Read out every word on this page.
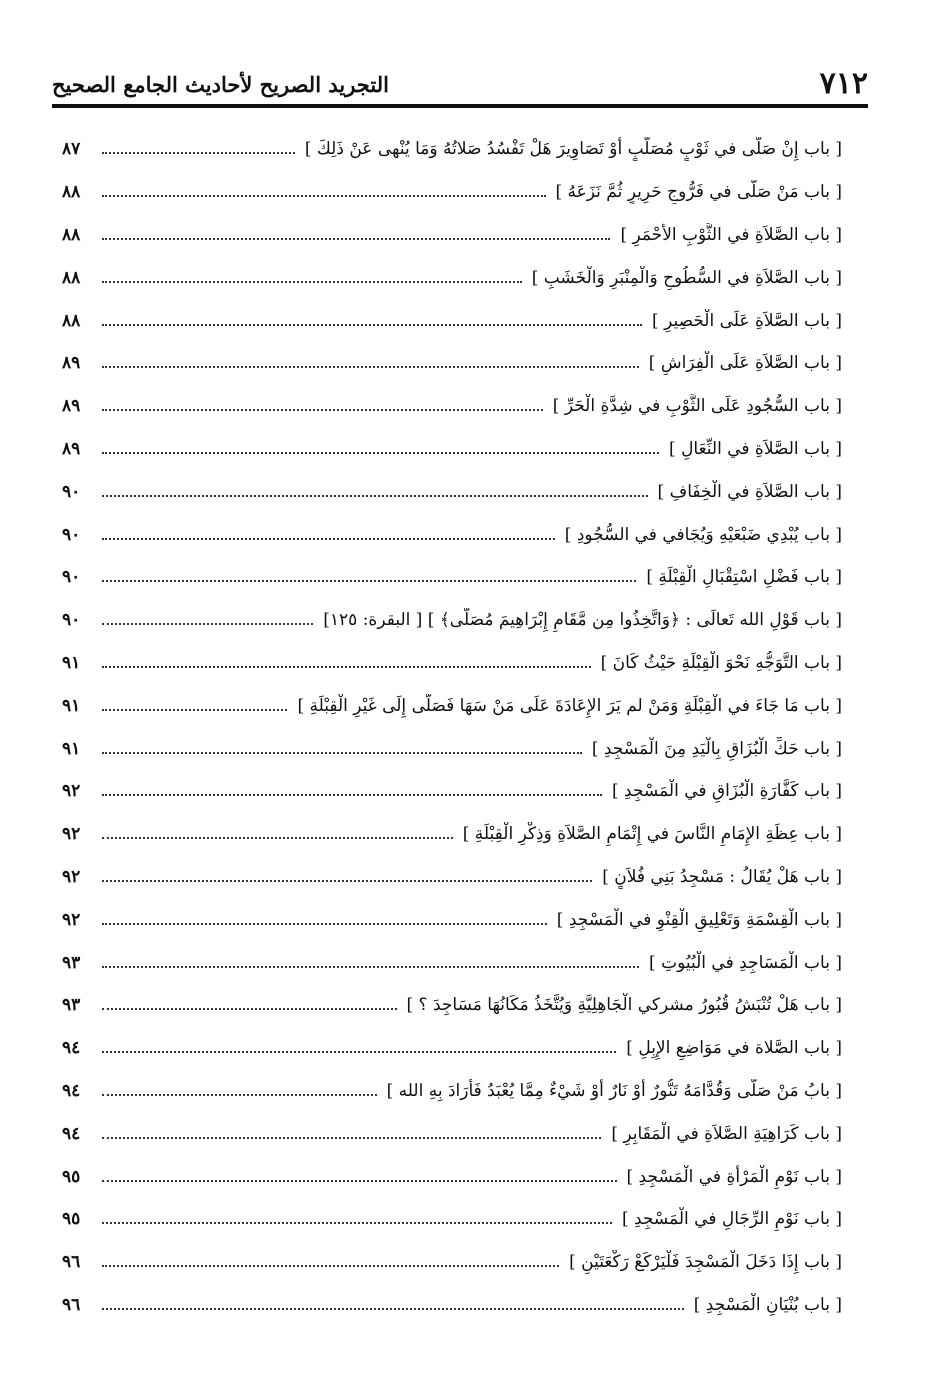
٧١٢
التجريد الصريح لأحاديث الجامع الصحيح
[ باب إِنْ صَلَّى في ثَوْبٍ مُصَلَّبٍ أَوْ تَصَاوِيرَ هَلْ تَفْسُدُ صَلاتُهُ وَمَا يُنْهى عَنْ ذَلِكَ ]
٨٧
[ باب مَنْ صَلَّى في فَرُّوجِ حَرِيرٍ ثُمَّ نَزَعَهُ ]
٨٨
[ باب الصَّلاَةِ في الثَّوْبِ الأَحْمَرِ ]
٨٨
[ باب الصَّلاَةِ في السُّطُوحِ وَالْمِنْبَرِ وَالْخَشَبِ ]
٨٨
[ باب الصَّلاَةِ عَلَى الْحَصِيرِ ]
٨٨
[ باب الصَّلاَةِ عَلَى الْفِرَاشِ ]
٨٩
[ باب السُّجُودِ عَلَى الثَّوْبِ في شِدَّةِ الْحَرِّ ]
٨٩
[ باب الصَّلاَةِ في النِّعَالِ ]
٨٩
[ باب الصَّلاَةِ في الْخِفَافِ ]
٩٠
[ باب يُبْدِي ضَبْعَيْهِ وَيُجَافي في السُّجُودِ ]
٩٠
[ باب فَضْلِ اسْتِقْبَالِ الْقِبْلَةِ ]
٩٠
[ باب قَوْلِ الله تَعالَى : ﴿وَاتَّخِذُوا مِن مَّقَامِ إِبْرَاهِيمَ مُصَلًّى﴾ ] [ البقرة: ١٢٥]
٩٠
[ باب التَّوَجُّهِ نَحْوَ الْقِبْلَةِ حَيْثُ كَانَ ]
٩١
[ باب مَا جَاءَ في الْقِبْلَةِ وَمَنْ لم يَرَ الإِعَادَةَ عَلَى مَنْ سَهَا فَصَلَّى إِلَى غَيْرِ الْقِبْلَةِ ]
٩١
[ باب حَكِّ الْبُزَاقِ بِالْيَدِ مِنَ الْمَسْجِدِ ]
٩١
[ باب كَفَّارَةِ الْبُزَاقِ في الْمَسْجِدِ ]
٩٢
[ باب عِظَةِ الإِمَامِ النَّاسَ في إِتْمَامِ الصَّلاَةِ وَذِكْرِ الْقِبْلَةِ ]
٩٢
[ باب هَلْ يُقَالُ : مَسْجِدُ بَنِي فُلاَنٍ ]
٩٢
[ باب الْقِسْمَةِ وَتَعْلِيقِ الْقِنْوِ في الْمَسْجِدِ ]
٩٢
[ باب الْمَسَاجِدِ في الْبُيُوتِ ]
٩٣
[ باب هَلْ تُنْبَشُ قُبُورُ مشركي الْجَاهِلِيَّةِ وَيُتَّخَذُ مَكَانُهَا مَسَاجِدَ ؟ ]
٩٣
[ باب الصَّلاة في مَوَاضِعِ الإِبِلِ ]
٩٤
[ بابُ مَنْ صَلَّى وَقُدَّامَهُ تَنُّورٌ أَوْ نَارٌ أَوْ شَيْءٌ مِمَّا يُعْبَدُ فَأَرَادَ بِهِ الله ]
٩٤
[ باب كَرَاهِيَةِ الصَّلاَةِ في الْمَقَابِرِ ]
٩٤
[ باب نَوْمِ الْمَرْأَةِ في الْمَسْجِدِ ]
٩٥
[ باب نَوْمِ الرِّجَالِ في الْمَسْجِدِ ]
٩٥
[ باب إِذَا دَخَلَ الْمَسْجِدَ فَلْيَرْكَعْ رَكْعَتَيْنِ ]
٩٦
[ باب بُنْيَانِ الْمَسْجِدِ ]
٩٦
